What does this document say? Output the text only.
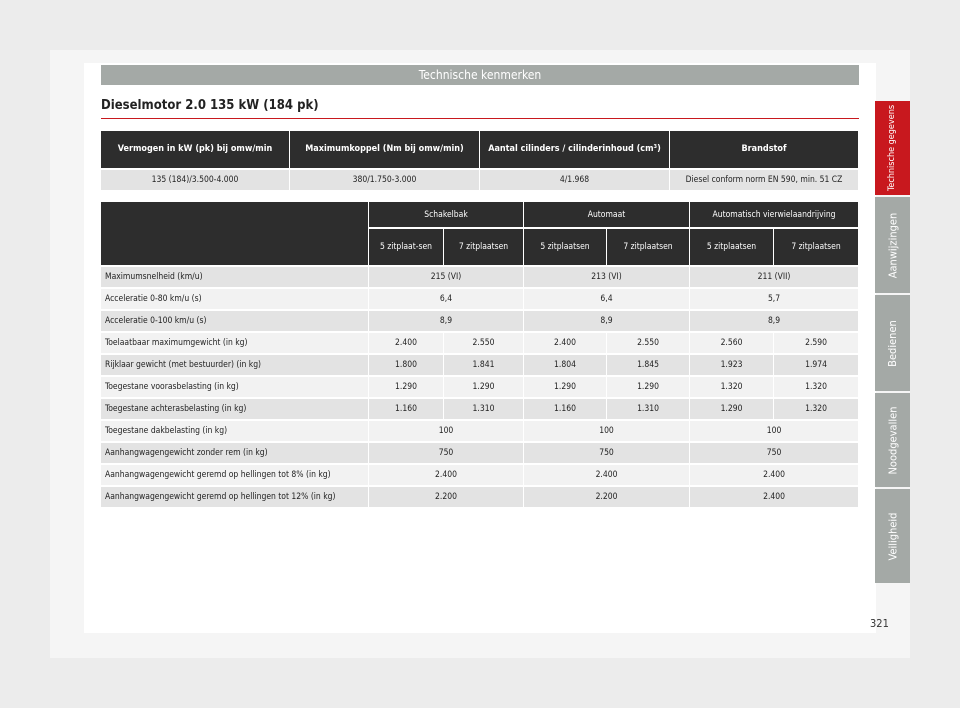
Technische kenmerken
Dieselmotor 2.0 135 kW (184 pk)
Vermogen in kW (pk) bij omw/min	Maximumkoppel (Nm bij omw/min)	Aantal cilinders / cilinderinhoud (cm³)	Brandstof
135 (184)/3.500-4.000	380/1.750-3.000	4/1.968	Diesel conform norm EN 590, min. 51 CZ
	Schakelbak		Automaat		Automatisch vierwielaandrijving	
	5 zitplaat-sen	7 zitplaatsen	5 zitplaatsen	7 zitplaatsen	5 zitplaatsen	7 zitplaatsen
Maximumsnelheid (km/u)	215 (VI)		213 (VI)		211 (VII)	
Acceleratie 0-80 km/u (s)	6,4		6,4		5,7	
Acceleratie 0-100 km/u (s)	8,9		8,9		8,9	
Toelaatbaar maximumgewicht (in kg)	2.400	2.550	2.400	2.550	2.560	2.590
Rijklaar gewicht (met bestuurder) (in kg)	1.800	1.841	1.804	1.845	1.923	1.974
Toegestane voorasbelasting (in kg)	1.290	1.290	1.290	1.290	1.320	1.320
Toegestane achterasbelasting (in kg)	1.160	1.310	1.160	1.310	1.290	1.320
Toegestane dakbelasting (in kg)	100		100		100	
Aanhangwagengewicht zonder rem (in kg)	750		750		750	
Aanhangwagengewicht geremd op hellingen tot 8% (in kg)	2.400		2.400		2.400	
Aanhangwagengewicht geremd op hellingen tot 12% (in kg)	2.200		2.200		2.400	
Technische gegevens
Aanwijzingen
Bedienen
Noodgevallen
Veiligheid
321
